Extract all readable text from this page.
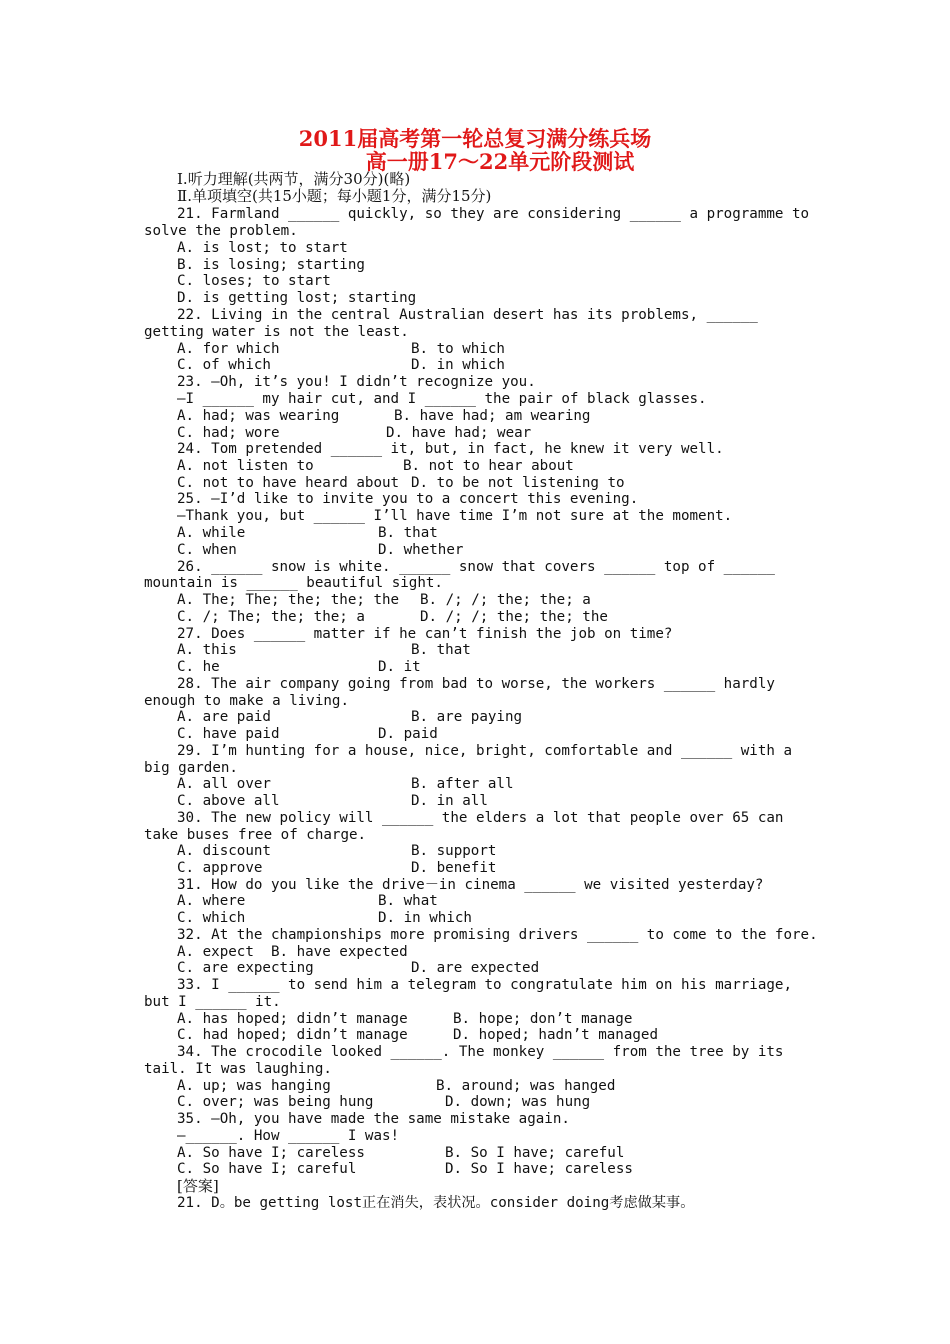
2011届高考第一轮总复习满分练兵场
高一册17～22单元阶段测试
Ⅰ.听力理解(共两节，满分30分)(略)
Ⅱ.单项填空(共15小题；每小题1分，满分15分)
21. Farmland ______ quickly, so they are considering ______ a programme to
solve the problem.
A. is lost; to start
B. is losing; starting
C. loses; to start
D. is getting lost; starting
22. Living in the central Australian desert has its problems, ______
getting water is not the least.
A. for which	B. to which
C. of which	D. in which
23. —Oh, it’s you! I didn’t recognize you.
—I ______ my hair cut, and I ______ the pair of black glasses.
A. had; was wearing	B. have had; am wearing
C. had; wore	D. have had; wear
24. Tom pretended ______ it, but, in fact, he knew it very well.
A. not listen to	B. not to hear about
C. not to have heard about D. to be not listening to
25. —I’d like to invite you to a concert this evening.
—Thank you, but ______ I’ll have time I’m not sure at the moment.
A. while	B. that
C. when	D. whether
26. ______ snow is white. ______ snow that covers ______ top of ______
mountain is ______ beautiful sight.
A. The; The; the; the; the B. /; /; the; the; a
C. /; The; the; the; a	D. /; /; the; the; the
27. Does ______ matter if he can’t finish the job on time?
A. this	B. that
C. he	D. it
28. The air company going from bad to worse, the workers ______ hardly
enough to make a living.
A. are paid	B. are paying
C. have paid	D. paid
29. I’m hunting for a house, nice, bright, comfortable and ______ with a
big garden.
A. all over	B. after all
C. above all	D. in all
30. The new policy will ______ the elders a lot that people over 65 can
take buses free of charge.
A. discount	B. support
C. approve	D. benefit
31. How do you like the drive－in cinema ______ we visited yesterday?
A. where	B. what
C. which	D. in which
32. At the championships more promising drivers ______ to come to the fore.
A. expect  B. have expected
C. are expecting	D. are expected
33. I ______ to send him a telegram to congratulate him on his marriage,
but I ______ it.
A. has hoped; didn’t manage	B. hope; don’t manage
C. had hoped; didn’t manage	D. hoped; hadn’t managed
34. The crocodile looked ______. The monkey ______ from the tree by its
tail. It was laughing.
A. up; was hanging	B. around; was hanged
C. over; was being hung	D. down; was hung
35. —Oh, you have made the same mistake again.
—______. How ______ I was!
A. So have I; careless	B. So I have; careful
C. So have I; careful	D. So I have; careless
[答案]
21. D。be getting lost正在消失，表状况。consider doing考虑做某事。
